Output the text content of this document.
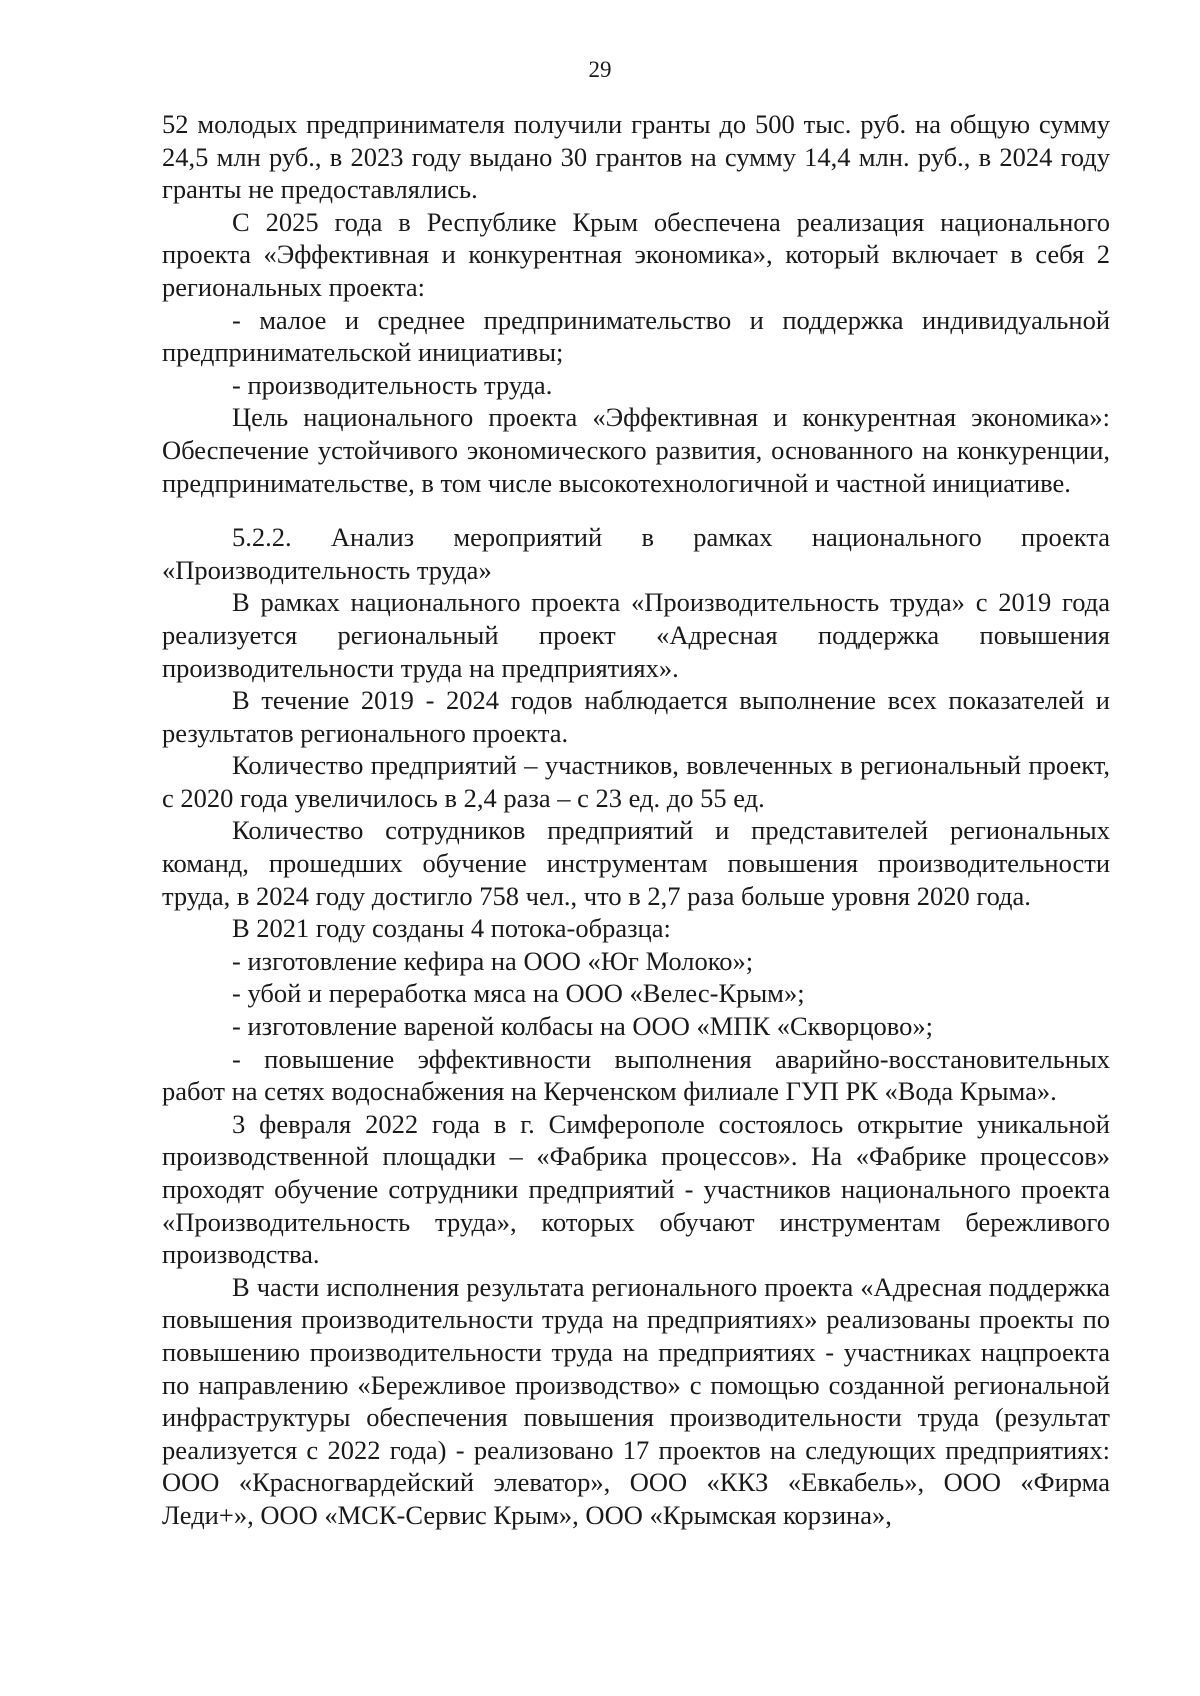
29

52 молодых предпринимателя получили гранты до 500 тыс. руб. на общую сумму 24,5 млн руб., в 2023 году выдано 30 грантов на сумму 14,4 млн. руб., в 2024 году гранты не предоставлялись.

С 2025 года в Республике Крым обеспечена реализация национального проекта «Эффективная и конкурентная экономика», который включает в себя 2 региональных проекта:

- малое и среднее предпринимательство и поддержка индивидуальной предпринимательской инициативы;

- производительность труда.

Цель национального проекта «Эффективная и конкурентная экономика»: Обеспечение устойчивого экономического развития, основанного на конкуренции, предпринимательстве, в том числе высокотехнологичной и частной инициативе.

5.2.2. Анализ мероприятий в рамках национального проекта «Производительность труда»

В рамках национального проекта «Производительность труда» с 2019 года реализуется региональный проект «Адресная поддержка повышения производительности труда на предприятиях».

В течение 2019 - 2024 годов наблюдается выполнение всех показателей и результатов регионального проекта.

Количество предприятий – участников, вовлеченных в региональный проект, с 2020 года увеличилось в 2,4 раза – с 23 ед. до 55 ед.

Количество сотрудников предприятий и представителей региональных команд, прошедших обучение инструментам повышения производительности труда, в 2024 году достигло 758 чел., что в 2,7 раза больше уровня 2020 года.

В 2021 году созданы 4 потока-образца:

- изготовление кефира на ООО «Юг Молоко»;

- убой и переработка мяса на ООО «Велес-Крым»;

- изготовление вареной колбасы на ООО «МПК «Скворцово»;

- повышение эффективности выполнения аварийно-восстановительных работ на сетях водоснабжения на Керченском филиале ГУП РК «Вода Крыма».

3 февраля 2022 года в г. Симферополе состоялось открытие уникальной производственной площадки – «Фабрика процессов». На «Фабрике процессов» проходят обучение сотрудники предприятий - участников национального проекта «Производительность труда», которых обучают инструментам бережливого производства.

В части исполнения результата регионального проекта «Адресная поддержка повышения производительности труда на предприятиях» реализованы проекты по повышению производительности труда на предприятиях - участниках нацпроекта по направлению «Бережливое производство» с помощью созданной региональной инфраструктуры обеспечения повышения производительности труда (результат реализуется с 2022 года) - реализовано 17 проектов на следующих предприятиях: ООО «Красногвардейский элеватор», ООО «ККЗ «Евкабель», ООО «Фирма Леди+», ООО «МСК-Сервис Крым», ООО «Крымская корзина»,
